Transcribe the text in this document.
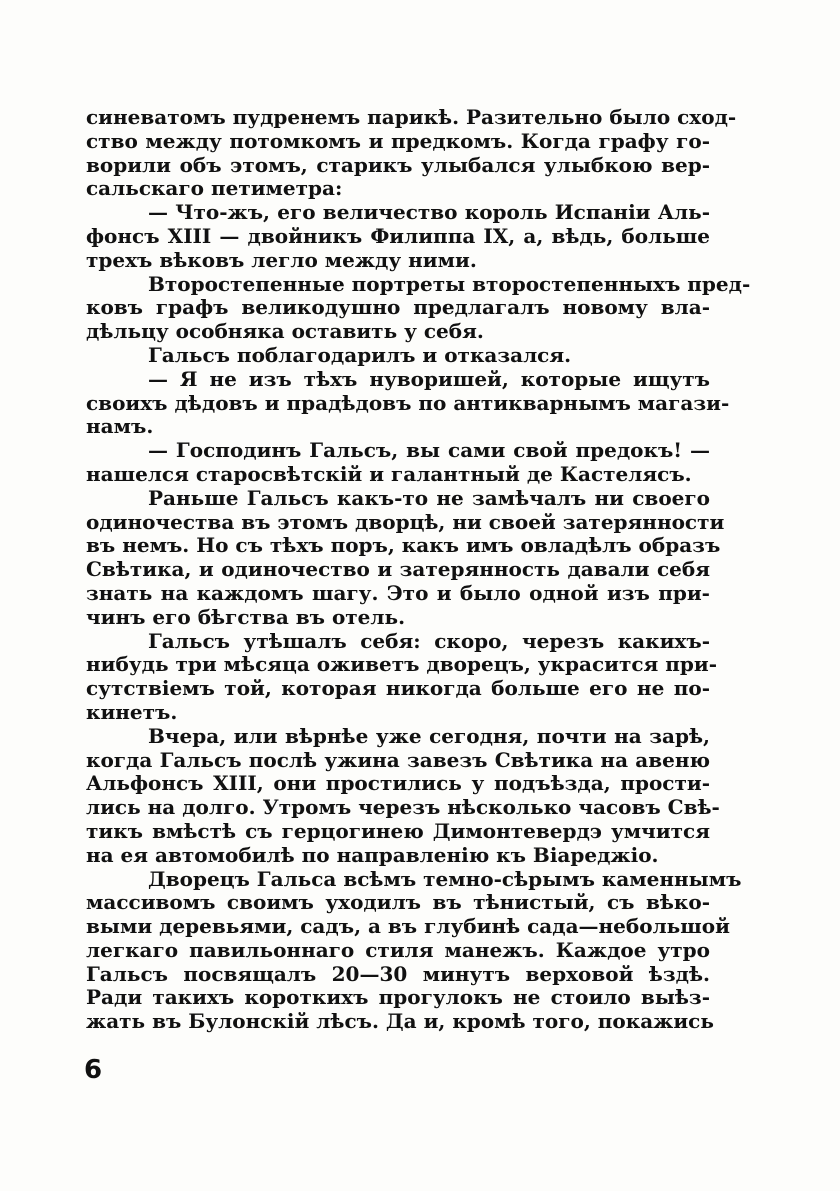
синеватомъ пудренемъ парикѣ. Разительно было сход-
ство между потомкомъ и предкомъ. Когда графу го-
ворили объ этомъ, старикъ улыбался улыбкою вер-
сальскаго петиметра:
— Что-жъ, его величество король Испаніи Аль-
фонсъ XIII — двойникъ Филиппа IX, а, вѣдь, больше
трехъ вѣковъ легло между ними.
Второстепенные портреты второстепенныхъ пред-
ковъ графъ великодушно предлагалъ новому вла-
дѣльцу особняка оставить у себя.
Гальсъ поблагодарилъ и отказался.
— Я не изъ тѣхъ нуворишей, которые ищутъ
своихъ дѣдовъ и прадѣдовъ по антикварнымъ магази-
намъ.
— Господинъ Гальсъ, вы сами свой предокъ! —
нашелся старосвѣтскій и галантный де Кастелясъ.
Раньше Гальсъ какъ-то не замѣчалъ ни своего
одиночества въ этомъ дворцѣ, ни своей затерянности
въ немъ. Но съ тѣхъ поръ, какъ имъ овладѣлъ образъ
Свѣтика, и одиночество и затерянность давали себя
знать на каждомъ шагу. Это и было одной изъ при-
чинъ его бѣгства въ отель.
Гальсъ утѣшалъ себя: скоро, черезъ какихъ-
нибудь три мѣсяца оживетъ дворецъ, украсится при-
сутствіемъ той, которая никогда больше его не по-
кинетъ.
Вчера, или вѣрнѣе уже сегодня, почти на зарѣ,
когда Гальсъ послѣ ужина завезъ Свѣтика на авеню
Альфонсъ XIII, они простились у подъѣзда, прости-
лись на долго. Утромъ черезъ нѣсколько часовъ Свѣ-
тикъ вмѣстѣ съ герцогинею Димонтевердэ умчится
на ея автомобилѣ по направленію къ Віареджіо.
Дворецъ Гальса всѣмъ темно-сѣрымъ каменнымъ
массивомъ своимъ уходилъ въ тѣнистый, съ вѣко-
выми деревьями, садъ, а въ глубинѣ сада—небольшой
легкаго павильоннаго стиля манежъ. Каждое утро
Гальсъ посвящалъ 20—30 минутъ верховой ѣздѣ.
Ради такихъ короткихъ прогулокъ не стоило выѣз-
жать въ Булонскій лѣсъ. Да и, кромѣ того, покажись
6
